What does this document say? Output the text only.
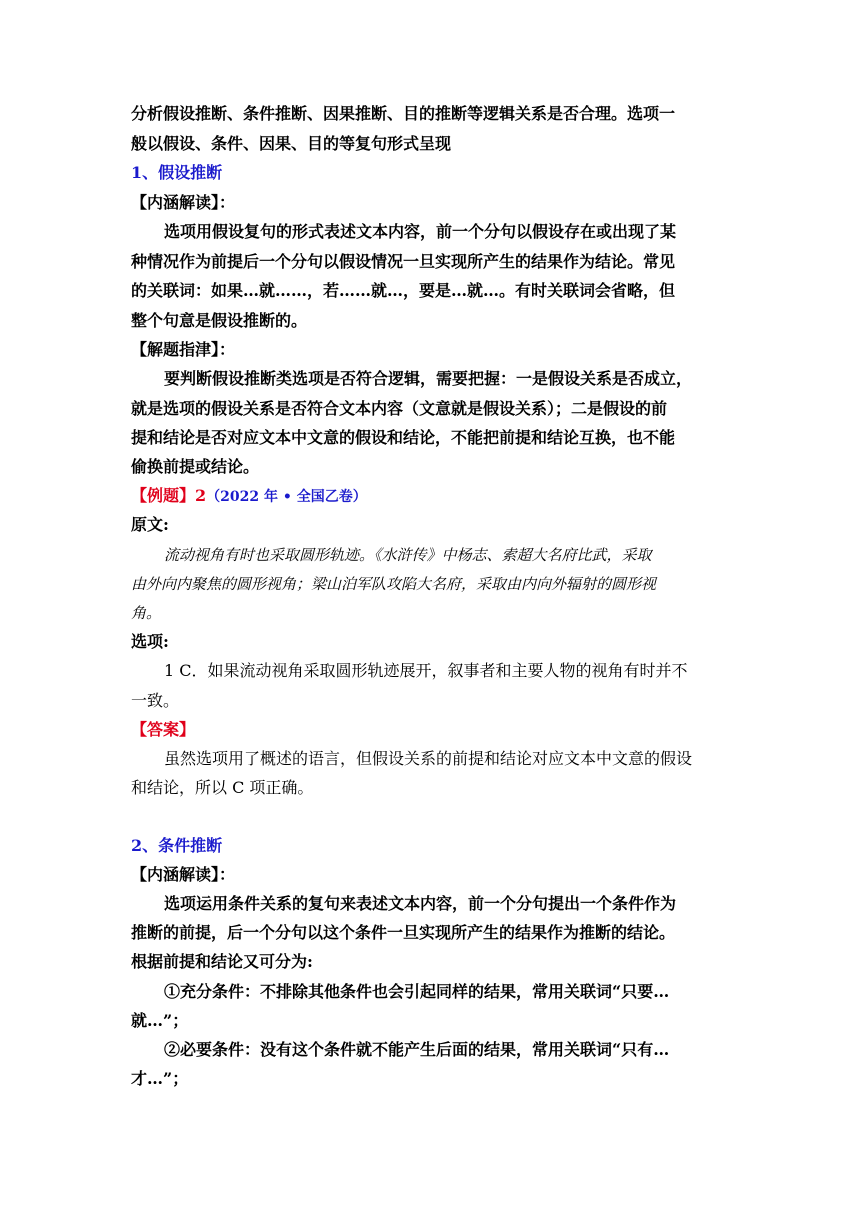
分析假设推断、条件推断、因果推断、目的推断等逻辑关系是否合理。选项一
般以假设、条件、因果、目的等复句形式呈现
1、假设推断
【内涵解读】：
选项用假设复句的形式表述文本内容，前一个分句以假设存在或出现了某
种情况作为前提后一个分句以假设情况一旦实现所产生的结果作为结论。常见
的关联词：如果…就……，若……就…，要是…就…。有时关联词会省略，但
整个句意是假设推断的。
【解题指津】：
要判断假设推断类选项是否符合逻辑，需要把握：一是假设关系是否成立，
就是选项的假设关系是否符合文本内容（文意就是假设关系）；二是假设的前
提和结论是否对应文本中文意的假设和结论，不能把前提和结论互换，也不能
偷换前提或结论。
【例题】2（2022 年 • 全国乙卷）
原文:
流动视角有时也采取圆形轨迹。《水浒传》中杨志、索超大名府比武，采取
由外向内聚焦的圆形视角；梁山泊军队攻陷大名府，采取由内向外辐射的圆形视
角。
选项:
1 C．如果流动视角采取圆形轨迹展开，叙事者和主要人物的视角有时并不
一致。
【答案】
虽然选项用了概述的语言，但假设关系的前提和结论对应文本中文意的假设
和结论，所以 C 项正确。
2、条件推断
【内涵解读】：
选项运用条件关系的复句来表述文本内容，前一个分句提出一个条件作为
推断的前提，后一个分句以这个条件一旦实现所产生的结果作为推断的结论。
根据前提和结论又可分为:
①充分条件：不排除其他条件也会引起同样的结果，常用关联词“只要…
就…”；
②必要条件：没有这个条件就不能产生后面的结果，常用关联词“只有…
才…”；
